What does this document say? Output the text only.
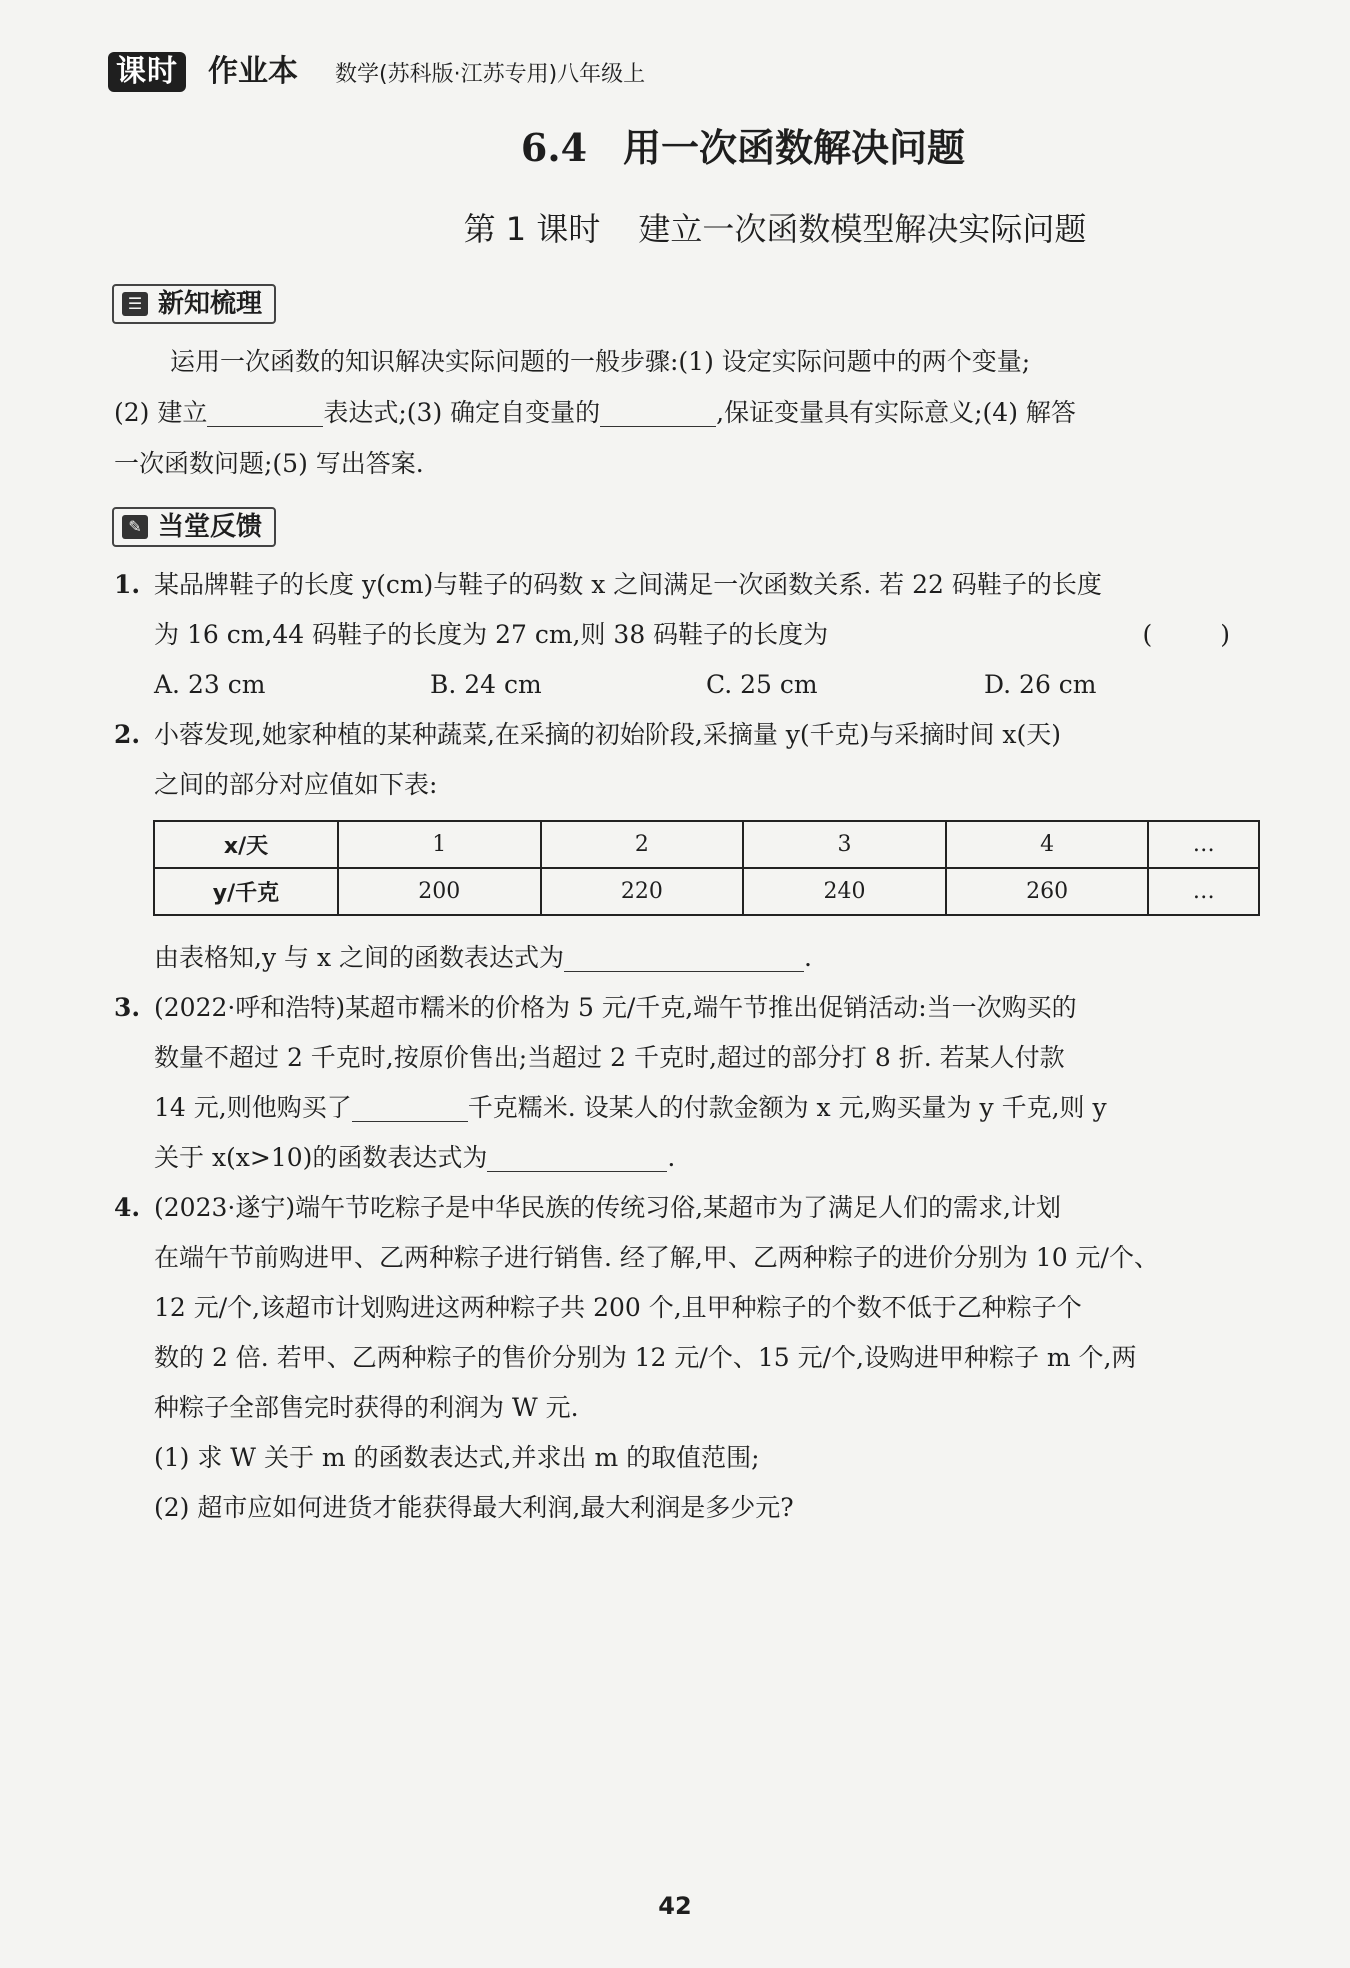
课时 作业本 数学(苏科版·江苏专用)八年级上
6.4 用一次函数解决问题
第 1 课时 建立一次函数模型解决实际问题
☰ 新知梳理
运用一次函数的知识解决实际问题的一般步骤:(1) 设定实际问题中的两个变量;
(2) 建立	表达式;(3) 确定自变量的	,保证变量具有实际意义;(4) 解答
一次函数问题;(5) 写出答案.
✎ 当堂反馈
1. 某品牌鞋子的长度 y(cm)与鞋子的码数 x 之间满足一次函数关系. 若 22 码鞋子的长度
为 16 cm,44 码鞋子的长度为 27 cm,则 38 码鞋子的长度为	( )
A. 23 cm	B. 24 cm	C. 25 cm	D. 26 cm
2. 小蓉发现,她家种植的某种蔬菜,在采摘的初始阶段,采摘量 y(千克)与采摘时间 x(天)
之间的部分对应值如下表:
x/天	1	2	3	4	…
y/千克	200	220	240	260	…
由表格知,y 与 x 之间的函数表达式为	.
3. (2022·呼和浩特)某超市糯米的价格为 5 元/千克,端午节推出促销活动:当一次购买的
数量不超过 2 千克时,按原价售出;当超过 2 千克时,超过的部分打 8 折. 若某人付款
14 元,则他购买了	千克糯米. 设某人的付款金额为 x 元,购买量为 y 千克,则 y
关于 x(x>10)的函数表达式为	.
4. (2023·遂宁)端午节吃粽子是中华民族的传统习俗,某超市为了满足人们的需求,计划
在端午节前购进甲、乙两种粽子进行销售. 经了解,甲、乙两种粽子的进价分别为 10 元/个、
12 元/个,该超市计划购进这两种粽子共 200 个,且甲种粽子的个数不低于乙种粽子个
数的 2 倍. 若甲、乙两种粽子的售价分别为 12 元/个、15 元/个,设购进甲种粽子 m 个,两
种粽子全部售完时获得的利润为 W 元.
(1) 求 W 关于 m 的函数表达式,并求出 m 的取值范围;
(2) 超市应如何进货才能获得最大利润,最大利润是多少元?
42
